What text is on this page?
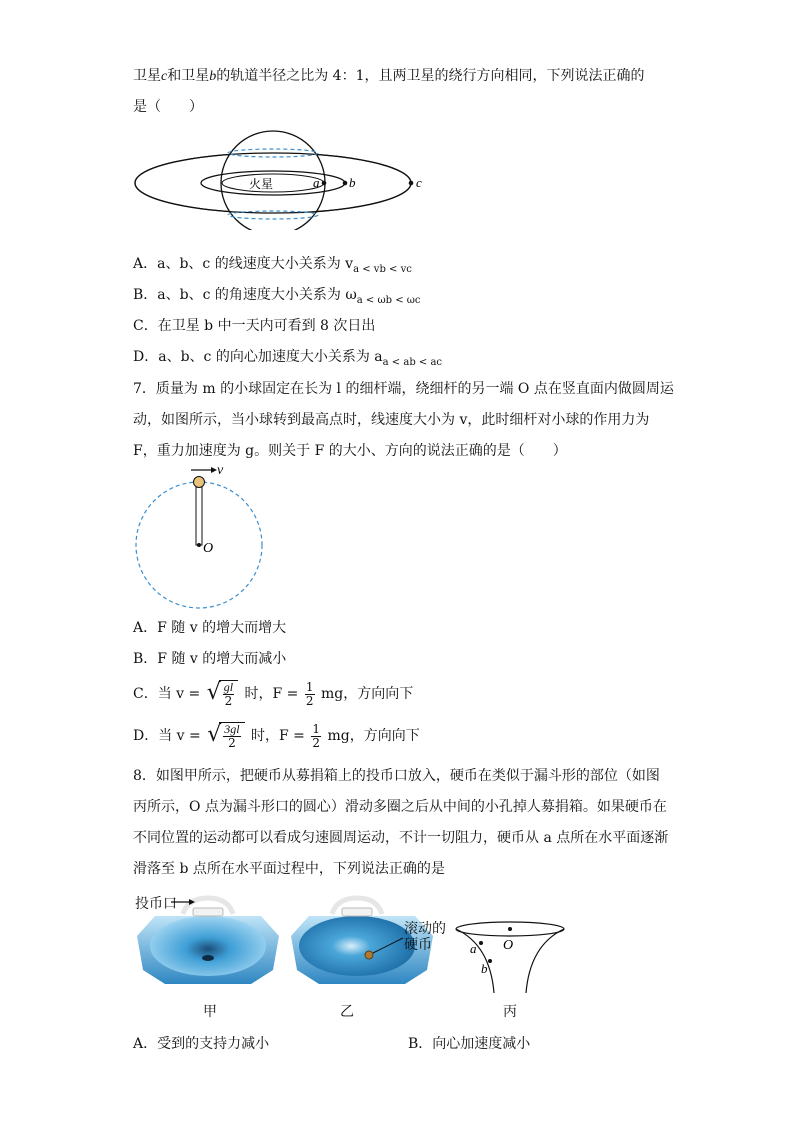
卫星c和卫星b的轨道半径之比为 4：1，且两卫星的绕行方向相同，下列说法正确的
是（　　）
火星	a b	c
A．a、b、c 的线速度大小关系为 $v_{a < vb < vc}$
B．a、b、c 的角速度大小关系为 $\omega_{a < \omega b < \omega c}$
C．在卫星 b 中一天内可看到 8 次日出
D．a、b、c 的向心加速度大小关系为 $a_{a < ab < ac}$
7．质量为 m 的小球固定在长为 l 的细杆端，绕细杆的另一端 O 点在竖直面内做圆周运
动，如图所示，当小球转到最高点时，线速度大小为 v，此时细杆对小球的作用力为
F，重力加速度为 g。则关于 F 的大小、方向的说法正确的是（　　）
v
O
A．F 随 v 的增大而增大
B．F 随 v 的增大而减小
C．当 v = √ $\frac{gl}{2}$ 时，$F = \frac{1}{2}$ mg，方向向下
D．当 v = √ $\frac{3gl}{2}$ 时，$F = \frac{1}{2}$ mg，方向向下
8．如图甲所示，把硬币从募捐箱上的投币口放入，硬币在类似于漏斗形的部位（如图
丙所示，O 点为漏斗形口的圆心）滑动多圈之后从中间的小孔掉人募捐箱。如果硬币在
不同位置的运动都可以看成匀速圆周运动，不计一切阻力，硬币从 a 点所在水平面逐渐
滑落至 b 点所在水平面过程中，下列说法正确的是
投币口
滚动的
硬币	O
a
b
甲	乙	丙
A．受到的支持力减小	B．向心加速度减小
